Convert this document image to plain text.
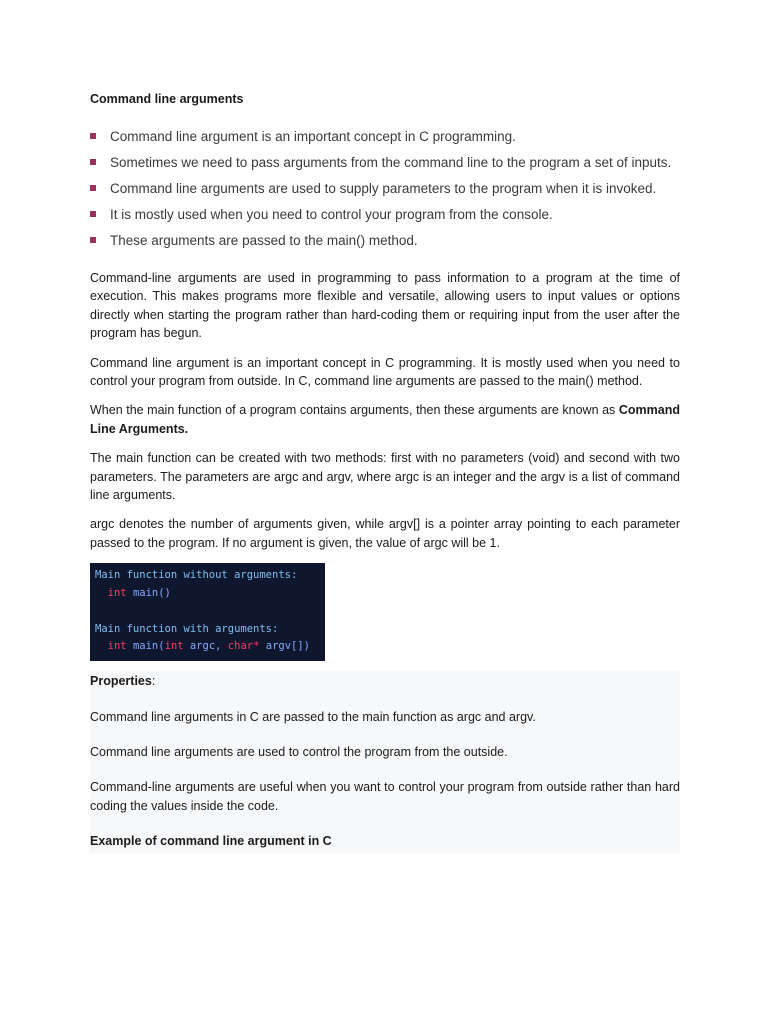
Command line arguments
Command line argument is an important concept in C programming.
Sometimes we need to pass arguments from the command line to the program a set of inputs.
Command line arguments are used to supply parameters to the program when it is invoked.
It is mostly used when you need to control your program from the console.
These arguments are passed to the main() method.

Command-line arguments are used in programming to pass information to a program at the time of execution. This makes programs more flexible and versatile, allowing users to input values or options directly when starting the program rather than hard-coding them or requiring input from the user after the program has begun.

Command line argument is an important concept in C programming. It is mostly used when you need to control your program from outside. In C, command line arguments are passed to the main() method.

When the main function of a program contains arguments, then these arguments are known as Command Line Arguments.

The main function can be created with two methods: first with no parameters (void) and second with two parameters. The parameters are argc and argv, where argc is an integer and the argv is a list of command line arguments.

argc denotes the number of arguments given, while argv[] is a pointer array pointing to each parameter passed to the program. If no argument is given, the value of argc will be 1.

Main function without arguments:
int main()

Main function with arguments:
int main(int argc, char* argv[])

Properties:

Command line arguments in C are passed to the main function as argc and argv.

Command line arguments are used to control the program from the outside.

Command-line arguments are useful when you want to control your program from outside rather than hard coding the values inside the code.

Example of command line argument in C
